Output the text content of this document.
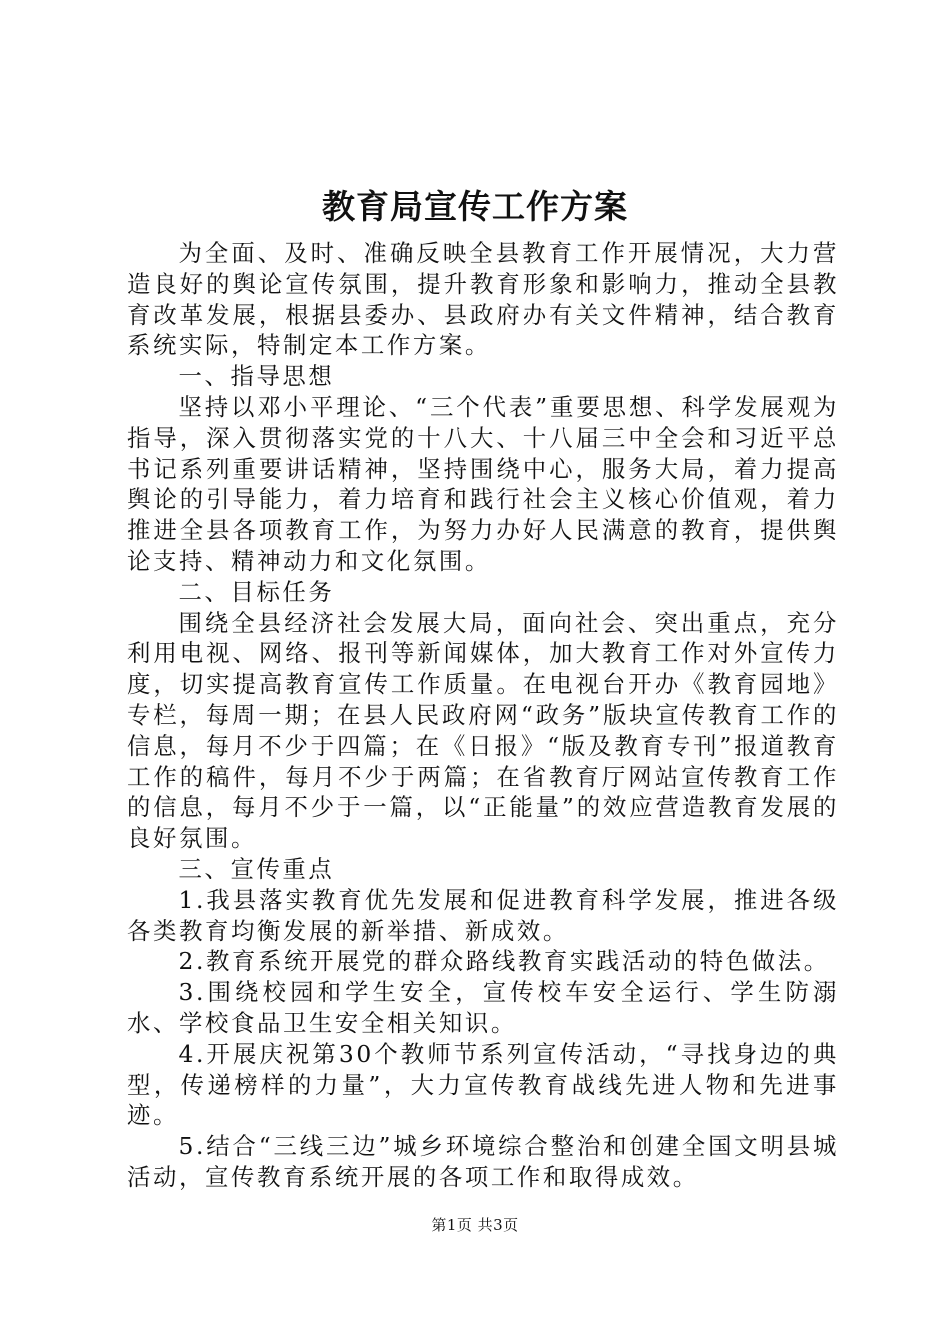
教育局宣传工作方案

为全面、及时、准确反映全县教育工作开展情况，大力营造良好的舆论宣传氛围，提升教育形象和影响力，推动全县教育改革发展，根据县委办、县政府办有关文件精神，结合教育系统实际，特制定本工作方案。

一、指导思想

坚持以邓小平理论、“三个代表”重要思想、科学发展观为指导，深入贯彻落实党的十八大、十八届三中全会和习近平总书记系列重要讲话精神，坚持围绕中心，服务大局，着力提高舆论的引导能力，着力培育和践行社会主义核心价值观，着力推进全县各项教育工作，为努力办好人民满意的教育，提供舆论支持、精神动力和文化氛围。

二、目标任务

围绕全县经济社会发展大局，面向社会、突出重点，充分利用电视、网络、报刊等新闻媒体，加大教育工作对外宣传力度，切实提高教育宣传工作质量。在电视台开办《教育园地》专栏，每周一期；在县人民政府网“政务”版块宣传教育工作的信息，每月不少于四篇；在《日报》“版及教育专刊”报道教育工作的稿件，每月不少于两篇；在省教育厅网站宣传教育工作的信息，每月不少于一篇，以“正能量”的效应营造教育发展的良好氛围。

三、宣传重点

1.我县落实教育优先发展和促进教育科学发展，推进各级各类教育均衡发展的新举措、新成效。

2.教育系统开展党的群众路线教育实践活动的特色做法。

3.围绕校园和学生安全，宣传校车安全运行、学生防溺水、学校食品卫生安全相关知识。

4.开展庆祝第30个教师节系列宣传活动，“寻找身边的典型，传递榜样的力量”，大力宣传教育战线先进人物和先进事迹。

5.结合“三线三边”城乡环境综合整治和创建全国文明县城活动，宣传教育系统开展的各项工作和取得成效。

第1页 共3页
